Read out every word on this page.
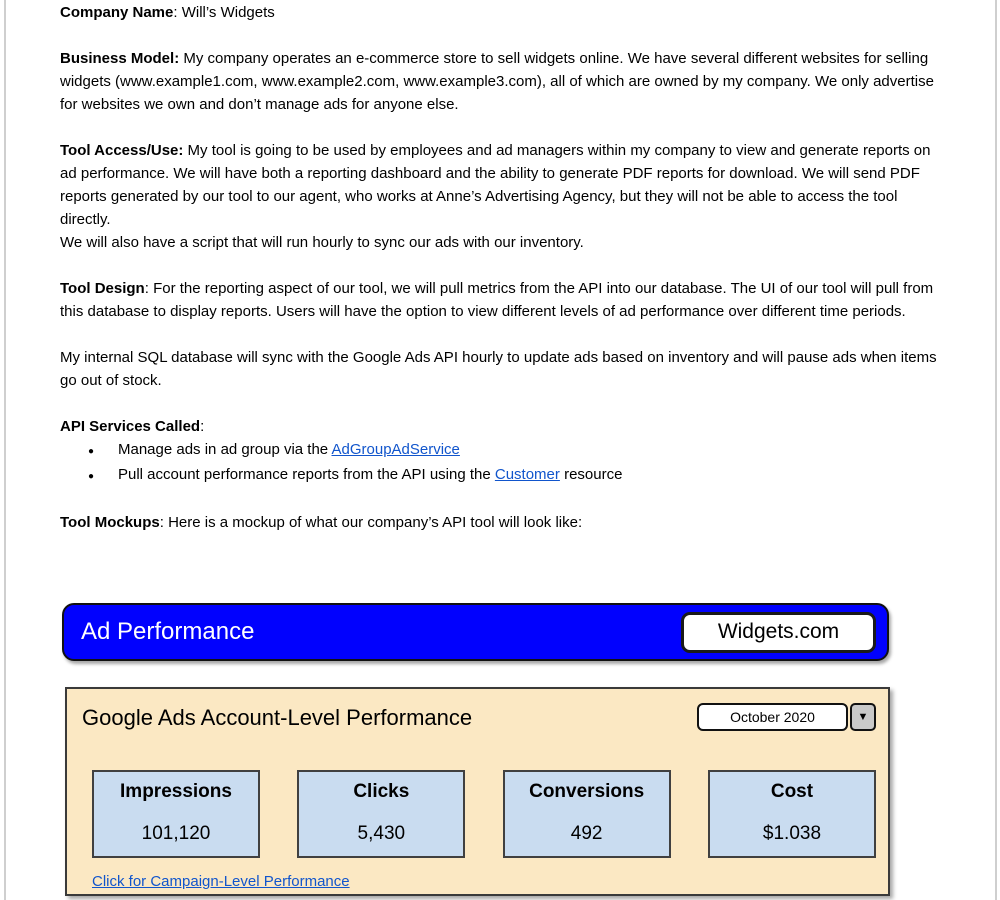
Company Name: Will’s Widgets

Business Model: My company operates an e-commerce store to sell widgets online. We have several different websites for selling widgets (www.example1.com, www.example2.com, www.example3.com), all of which are owned by my company. We only advertise for websites we own and don’t manage ads for anyone else.

Tool Access/Use: My tool is going to be used by employees and ad managers within my company to view and generate reports on ad performance. We will have both a reporting dashboard and the ability to generate PDF reports for download. We will send PDF reports generated by our tool to our agent, who works at Anne’s Advertising Agency, but they will not be able to access the tool directly.
We will also have a script that will run hourly to sync our ads with our inventory.

Tool Design: For the reporting aspect of our tool, we will pull metrics from the API into our database. The UI of our tool will pull from this database to display reports. Users will have the option to view different levels of ad performance over different time periods.

My internal SQL database will sync with the Google Ads API hourly to update ads based on inventory and will pause ads when items go out of stock.

API Services Called:

●	Manage ads in ad group via the AdGroupAdService
●	Pull account performance reports from the API using the Customer resource

Tool Mockups: Here is a mockup of what our company’s API tool will look like:

Ad Performance	Widgets.com
Google Ads Account-Level Performance	October 2020	▼
Impressions
101,120
Clicks
5,430
Conversions
492
Cost
$1.038
Click for Campaign-Level Performance
